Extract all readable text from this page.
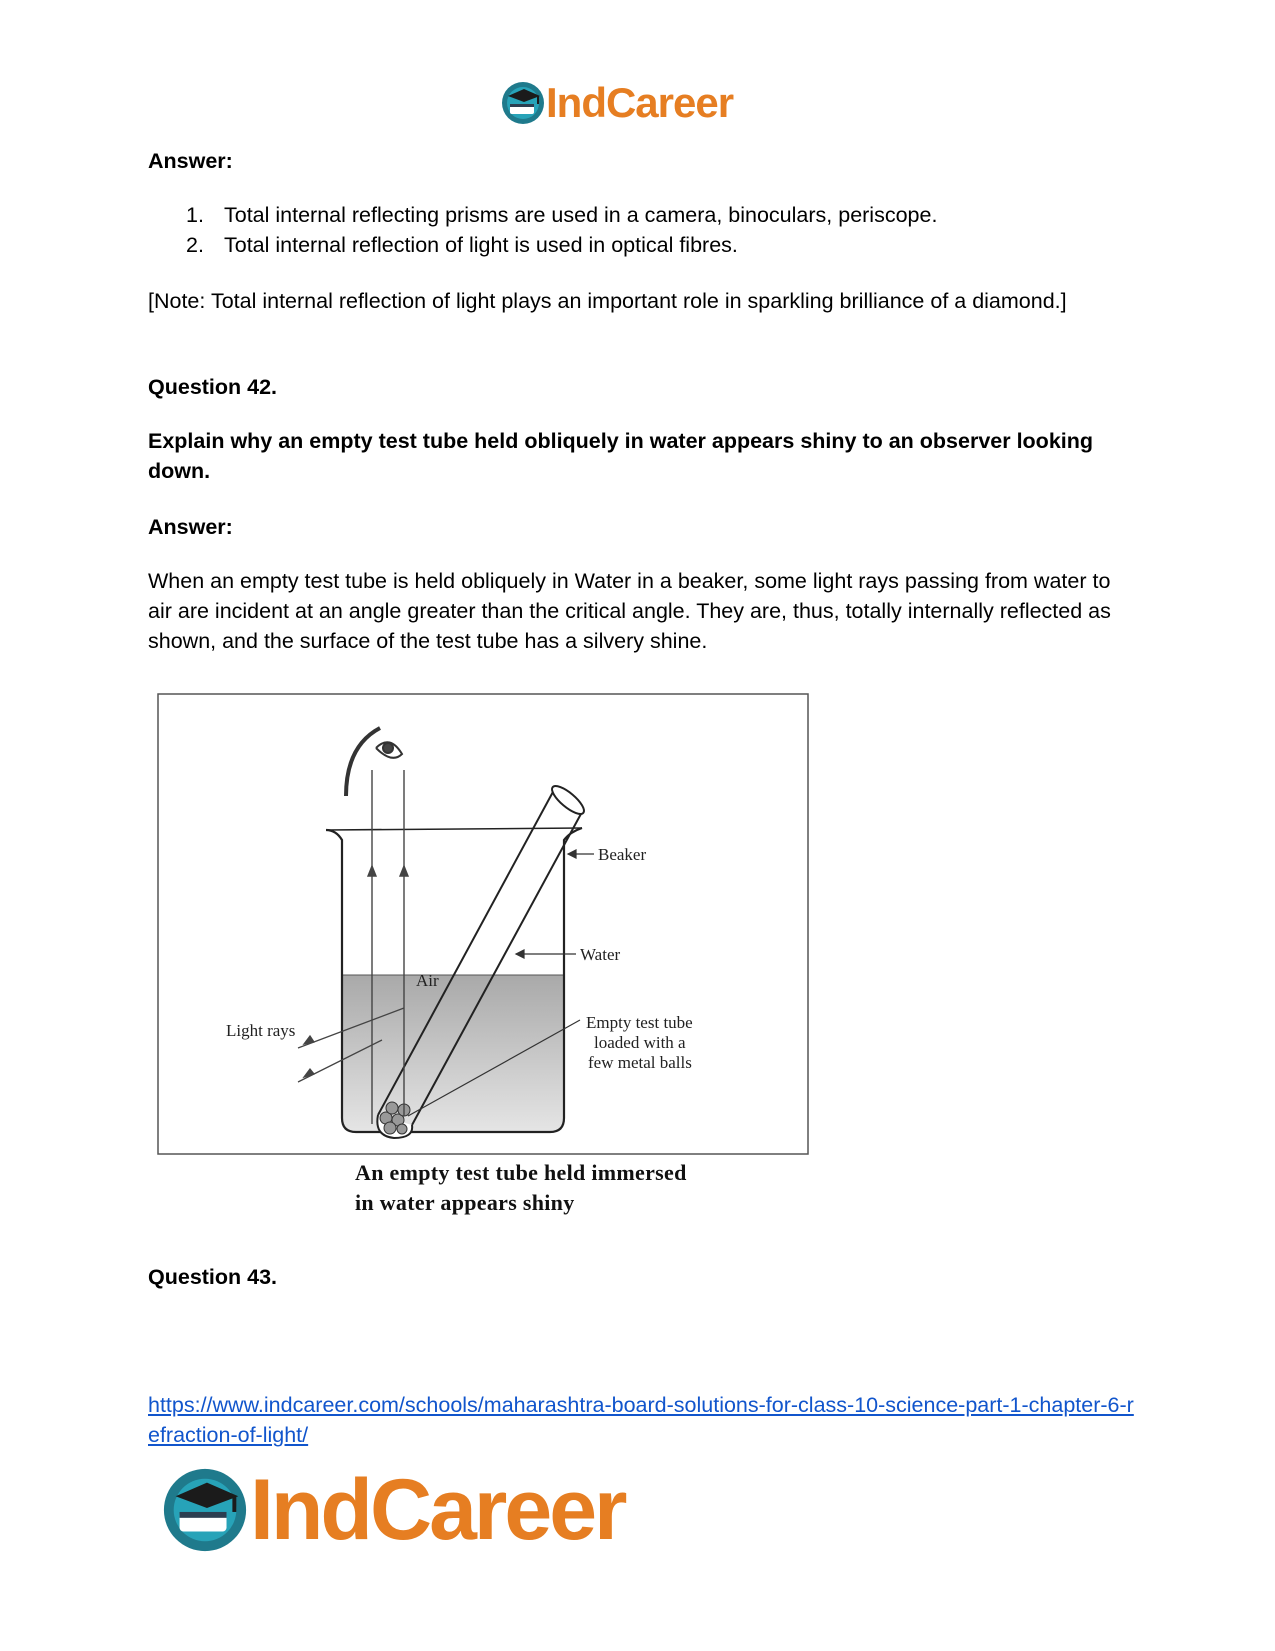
IndCareer
Answer:
1. Total internal reflecting prisms are used in a camera, binoculars, periscope.
2. Total internal reflection of light is used in optical fibres.
[Note: Total internal reflection of light plays an important role in sparkling brilliance of a diamond.]
Question 42.
Explain why an empty test tube held obliquely in water appears shiny to an observer looking down.
Answer:
When an empty test tube is held obliquely in Water in a beaker, some light rays passing from water to air are incident at an angle greater than the critical angle. They are, thus, totally internally reflected as shown, and the surface of the test tube has a silvery shine.
Beaker
Water
Air
Light rays	Empty test tube
loaded with a
few metal balls
An empty test tube held immersed
in water appears shiny
Question 43.
https://www.indcareer.com/schools/maharashtra-board-solutions-for-class-10-science-part-1-chapter-6-refraction-of-light/
IndCareer
